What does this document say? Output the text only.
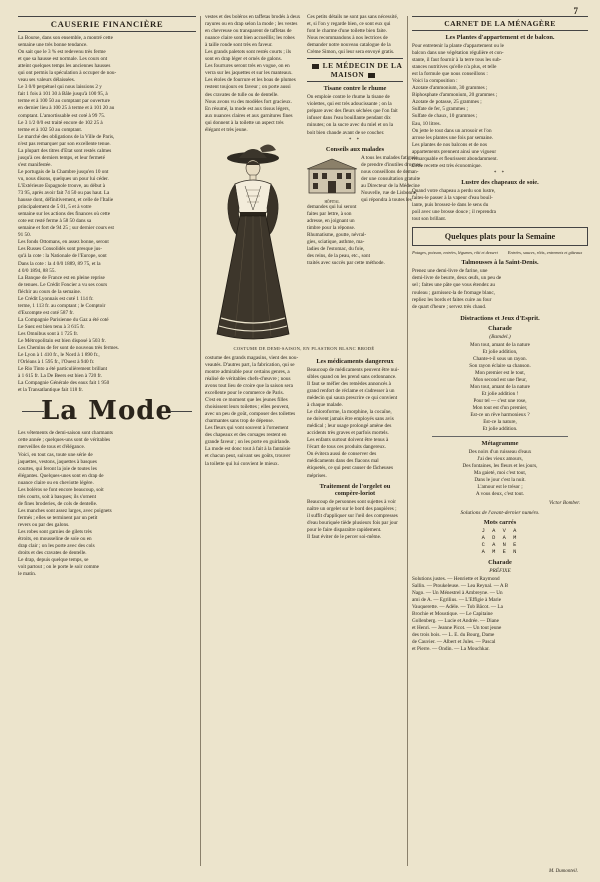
7
CAUSERIE FINANCIÈRE
La Bourse, dans son ensemble, a montré cette
semaine une très bonne tendance.
On sait que le 3 % est redevenu très ferme
et que sa hausse est normale. Les cours ont
atteint quelques temps les anciennes hausses
qui ont permis la spéculation à occuper de nou-
veau ses valeurs délaissées.
Le 3 0/0 perpétuel qui nous laissions 2 y
fait 1 fois à 101 30 à Bâle jusqu'à 100 95, à
terme et à 100 50 au comptant par ouverture
en dernier lieu à 100 25 à terme et à 101 20 au
comptant. L'amortissable est coté à 99 75.
Le 3 1/2 0/0 est traité encore de 102 25 à
terme et à 102 50 au comptant.
Le marché des obligations de la Ville de Paris,
n'est pas remarquer par son excellente tenue.
La plupart des titres d'Etat sont restés calmes
jusqu'à ces derniers temps, et leur fermeté
s'est manifestée.
Le portugais de la Chambre jusqu'en 10 ont
vu, nous disons, quelques un pour lui céder.
L'Extérieure Espagnole trouve, au début à
73 95, après avoir fait 74 50 ou pas haut. La
hausse dont, définitivement, et celle de l'Italie
principalement de 5 01, 5 et à votre
semaine sur les actions des finances où cette
cote est resté ferme à 58 50 dans sa
semaine et fort de 94 25 ; sur dernier cours est
91 50.
Les fonds Ottomans, en assez bonne, seront
Les Russes Consolidés sont presque jus-
qu'à la cote : la Nationale de l'Europe, sont
Dans la cote : la 4 0/0 1889, 89 75, et la
4 0/0 1894, 88 55.
La Banque de France est en pleine reprise
de tenues. Le Crédit Foncier a vu ses cours
fléchir au cours de la semaine.
Le Crédit Lyonnais est coté 1 114 fr.
terme, 1 113 fr. au comptant ; le Comptoir
d'Escompte est coté 587 fr.
La Compagnie Parisienne du Gaz a été coté
Le Suez est bien tenu à 3 615 fr.
Les Omnibus sont à 1 725 fr.
Le Métropolitain est bien disposé à 503 fr.
Les Chemins de fer sont de nouveau très fermes.
Le Lyon à 1 410 fr., le Nord à 1 890 fr.,
l'Orléans à 1 595 fr., l'Ouest à 940 fr.
Le Rio Tinto a été particulièrement brillant
à 1 615 fr. La De Beers est bien à 720 fr.
La Compagnie Générale des eaux fait 1 950
et la Transatlantique fait 118 fr.
La Mode
Les vêtements de demi-saison sont charmants
cette année ; quelques-uns sont de véritables
merveilles de tous et d'élégance.
Voici, en tout cas, toute une série de
jaquettes, vestons, jaquettes à basques
courtes, qui feront la joie de toutes les
élégantes. Quelques-unes sont en drap de
nuance claire ou en cheviotte légère.
Les boléros se font encore beaucoup, soit
très courts, soit à basques; ils s'ornent
de fines broderies, de cols de dentelle.
Les manches sont assez larges, avec poignets
fermés ; elles se terminent par un petit
revers ou par des galons.
Les robes sont garnies de gilets très
étroits, en mousseline de soie ou en
drap clair ; on les porte avec des cols
droits et des cravates de dentelle.
Le drap, depuis quelque temps, se
voit partout ; on le porte le soir comme
le matin.
vestes et des boléros en taffetas brodés à deux
rayures ou en drap selon la mode ; les vestes
en chevreuse ou transparent de taffetas de
nuance claire sont bien accueillis; les robes
à taille ronde sont très en faveur.
Les grands paletots sont restés courts ; ils
sont en drap léger et ornés de galons.
Les fourrures seront très en vogue, on en
verra sur les jaquettes et sur les manteaux.
Les étoles de fourrure et les boas de plumes
restent toujours en faveur ; on porte aussi
des cravates de tulle ou de dentelle.
Nous avons vu des modèles fort gracieux.
En résumé, la mode est aux tissus légers,
aux nuances claires et aux garnitures fines
qui donnent à la toilette un aspect très
élégant et très jeune.
Ces petits détails ne sont pas sans nécessité,
et, si l'on y regarde bien, ce sont eux qui
font le charme d'une toilette bien faite.
Nous recommandons à nos lectrices de
demander notre nouveau catalogue de la
Crème Simon, qui leur sera envoyé gratis.
LE MÉDECIN DE LA MAISON
Tisane contre le rhume
On emploie contre le rhume la tisane de
violettes, qui est très adoucissante ; on la
prépare avec des fleurs séchées que l'on fait
infuser dans l'eau bouillante pendant dix
minutes; on la sucre avec du miel et on la
boit bien chaude avant de se coucher.
* *
Conseils aux malades
HÔPITAL
A tous les malades fatigués
de prendre d'inutiles drogues,
nous conseillons de deman-
der une consultation gratuite
au Directeur de la Médecine
Nouvelle, rue de Lisbonne,
qui répondra à toutes les
demandes qui lui seront
faites par lettre, à son
adresse, en joignant un
timbre pour la réponse.
Rhumatisme, goutte, névral-
gies, sciatique, asthme, ma-
ladies de l'estomac, du foie,
des reins, de la peau, etc., sont
traités avec succès par cette méthode.
COSTUME DE DEMI-SAISON, EN PLASTRON BLANC BRODÉ
costume des grands magasins, vient des nou-
veautés. D'autres part, la fabrication, qui se
montre admirable pour certains genres, a
réalisé de véritables chefs-d'œuvre ; nous
avons tout lieu de croire que la saison sera
excellente pour le commerce de Paris.
C'est en ce moment que les jeunes filles
choisissent leurs toilettes ; elles peuvent,
avec un peu de goût, composer des toilettes
charmantes sans trop de dépense.
Les fleurs qui vont souvent à l'ornement
des chapeaux et des corsages restent en
grande faveur ; on les porte en guirlande.
La mode est donc tout à fait à la fantaisie
et chacun peut, suivant ses goûts, trouver
la toilette qui lui convient le mieux.
Les médicaments dangereux
Beaucoup de médicaments peuvent être nui-
sibles quand on les prend sans ordonnance.
Il faut se méfier des remèdes annoncés à
grand renfort de réclame et s'adresser à un
médecin qui saura prescrire ce qui convient
à chaque malade.
Le chloroforme, la morphine, la cocaïne,
ne doivent jamais être employés sans avis
médical ; leur usage prolongé amène des
accidents très graves et parfois mortels.
Les enfants surtout doivent être tenus à
l'écart de tous ces produits dangereux.
On évitera aussi de conserver des
médicaments dans des flacons mal
étiquetés, ce qui peut causer de fâcheuses
méprises.
Traitement de l'orgelet ou compère-loriot
Beaucoup de personnes sont sujettes à voir
naître un orgelet sur le bord des paupières ;
il suffit d'appliquer sur l'œil des compresses
d'eau bouriquée tiède plusieurs fois par jour
pour le faire disparaître rapidement.
Il faut éviter de le percer soi-même.
CARNET DE LA MÉNAGÈRE
Les Plantes d'appartement et de balcon.
Pour entretenir la plante d'appartement ou le
balcon dans une végétation régulière et con-
stante, il faut fournir à la terre tous les sub-
stances nutritives qu'elle n'a plus, et telle
est la formule que nous conseillons :
Voici la composition :
Azotate d'ammonium, 30 grammes ;
Biphosphate d'ammonium, 20 grammes ;
Azotate de potasse, 25 grammes ;
Sulfate de fer, 5 grammes ;
Sulfate de chaux, 10 grammes ;
Eau, 10 litres.
On jette le tout dans un arrosoir et l'on
arrose les plantes une fois par semaine.
Les plantes de nos balcons et de nos
appartements prennent ainsi une vigueur
remarquable et fleurissent abondamment.
Cette recette est très économique.
* *
Lustre des chapeaux de soie.
Quand votre chapeau a perdu son lustre,
faites-le passer à la vapeur d'eau bouil-
lante, puis brossez-le dans le sens du
poil avec une brosse douce ; il reprendra
tout son brillant.
Quelques plats pour la Semaine
Potages, poisson, entrées, légumes, rôti et dessert	Entrées, sauces, rôtis, entremets et gâteaux
Talmousses à la Saint-Denis.
Prenez une demi-livre de farine, une
demi-livre de beurre, deux œufs, un peu de
sel ; faites une pâte que vous étendez au
rouleau ; garnissez-la de fromage blanc,
repliez les bords et faites cuire au four
de quart d'heure ; servez très chaud.
Distractions et Jeux d'Esprit.
Charade
(Bamdel.)
Mon tout, amant de la nature
Et jolie addition,
Chante-t-il sous un rayon.
Son rayon éclaire sa chanson.
Mon premier est le tout,
Mon second est une fleur,
Mon tout, amant de la nature
Et jolie addition !
Pour tel — c'est une rose,
Mon tout est d'un premier,
Est-ce un rêve harmonieux ?
Est-ce la nature,
Et jolie addition.
Métagramme
Des noirs d'un ruisseau d'eaux
J'ai des vieux amours,
Des fontaines, les fleurs et les jours,
Ma gaieté, moi c'est tout,
Dans le jour c'est la nuit.
L'amour est le trésor ;
A vous deux, c'est tout.
Victor Bomber.
Solutions de l'avant-dernier numéro.
Mots carrés
J A V A
A D A M
C A N E
A M E N
Charade
PRÉFIXE
Solutions justes. — Henriette et Raymond
Sallin. — Ptoukeleuse. — Lea Reynal. — A B
Nago. — Un Ménestrel à Ambreyne. — Un
ami de A. — Egrilius. — L'Effigie à Marie
Vauquerette. — Adèle. — Tob Bâcot. — La
Brochie et Moustique. — Le Capitaine
Gollenberg. — Lucie et Andrée. — Diane
et Henri. — Jeanne Picot. — Un tout jeune
des trois bois. — L. E. du Bourg, Dame
de Cauvier. — Albert et Jules. — Pascal
et Pierre. — Ondin. — La Mouchkar.
M. Dumonteil.
